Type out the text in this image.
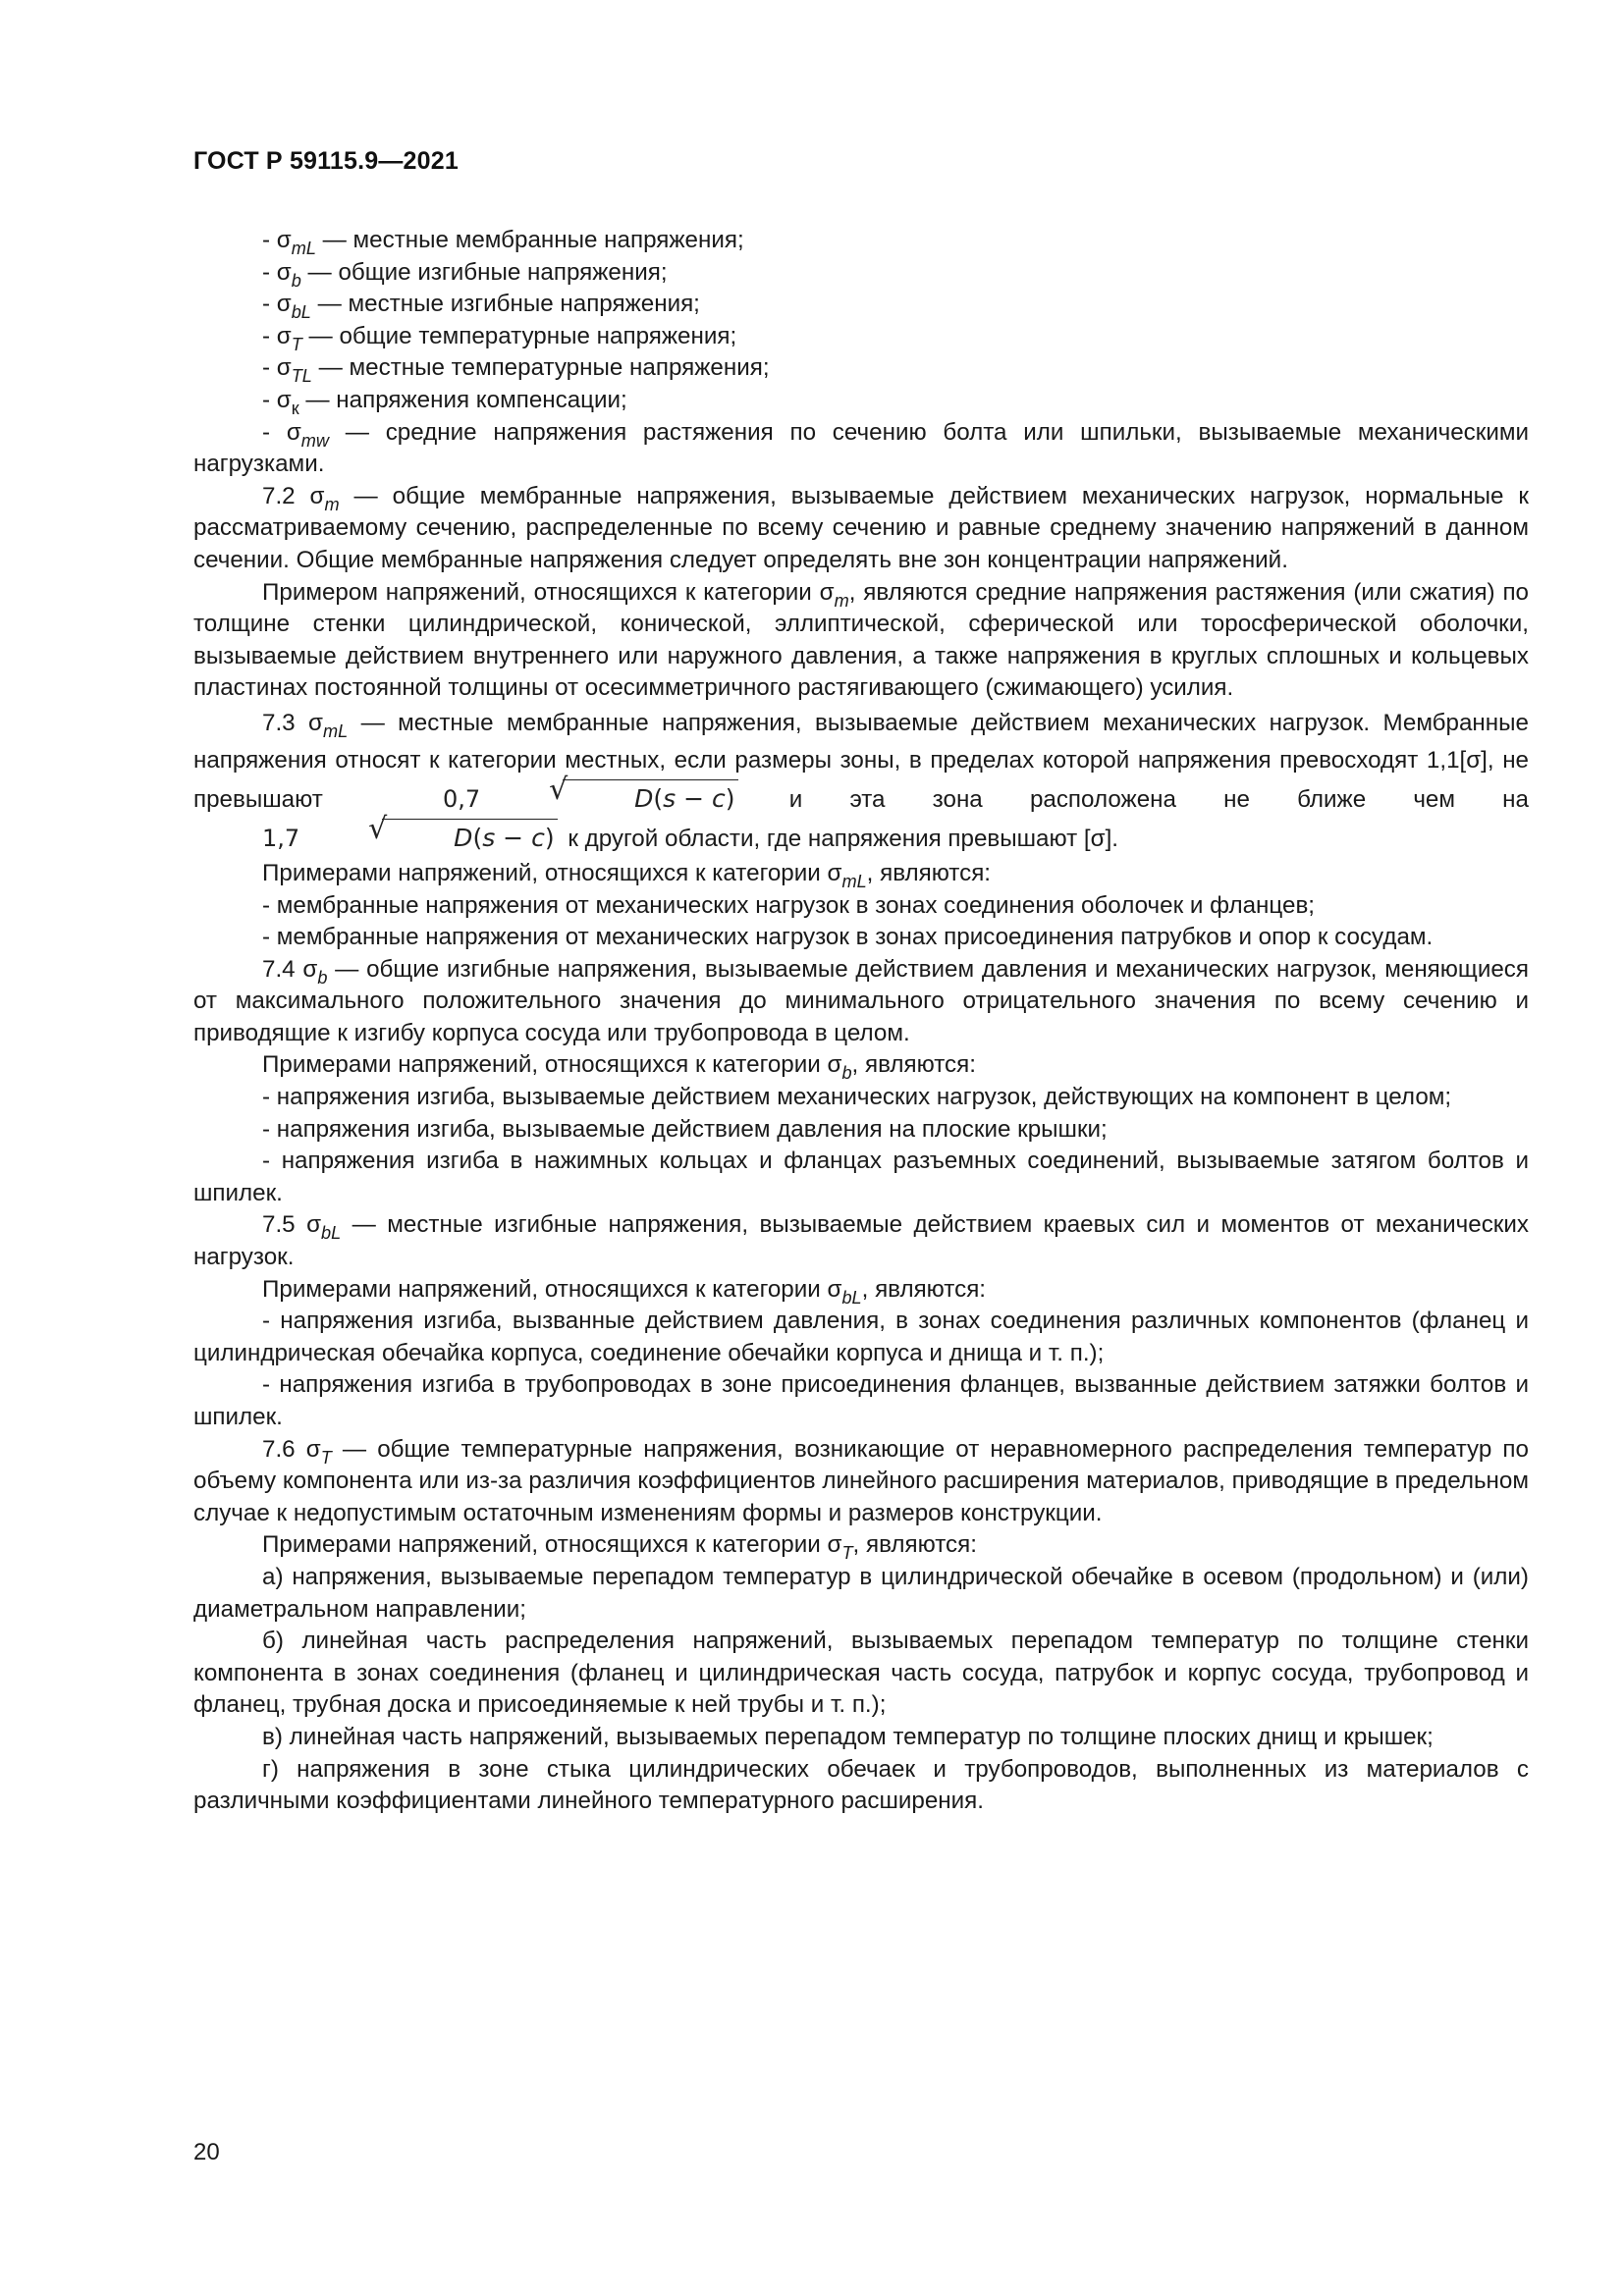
ГОСТ Р 59115.9—2021

- $\sigma_{mL}$ — местные мембранные напряжения;

- $\sigma_b$ — общие изгибные напряжения;

- $\sigma_{bL}$ — местные изгибные напряжения;

- $\sigma_T$ — общие температурные напряжения;

- $\sigma_{TL}$ — местные температурные напряжения;

- $\sigma_к$ — напряжения компенсации;

- $\sigma_{mw}$ — средние напряжения растяжения по сечению болта или шпильки, вызываемые механическими нагрузками.

7.2 $\sigma_m$ — общие мембранные напряжения, вызываемые действием механических нагрузок, нормальные к рассматриваемому сечению, распределенные по всему сечению и равные среднему значению напряжений в данном сечении. Общие мембранные напряжения следует определять вне зон концентрации напряжений.

Примером напряжений, относящихся к категории $\sigma_m$, являются средние напряжения растяжения (или сжатия) по толщине стенки цилиндрической, конической, эллиптической, сферической или торосферической оболочки, вызываемые действием внутреннего или наружного давления, а также напряжения в круглых сплошных и кольцевых пластинах постоянной толщины от осесимметричного растягивающего (сжимающего) усилия.

7.3 $\sigma_{mL}$ — местные мембранные напряжения, вызываемые действием механических нагрузок. Мембранные напряжения относят к категории местных, если размеры зоны, в пределах которой напряжения превосходят 1,1[σ], не превышают	0,7	√	D(s − c) и эта зона расположена не ближе чем на 1,7	√	D(s − c) к другой области, где напряжения превышают [σ].

Примерами напряжений, относящихся к категории $\sigma_{mL}$, являются:

- мембранные напряжения от механических нагрузок в зонах соединения оболочек и фланцев;

- мембранные напряжения от механических нагрузок в зонах присоединения патрубков и опор к сосудам.

7.4 $\sigma_b$ — общие изгибные напряжения, вызываемые действием давления и механических нагрузок, меняющиеся от максимального положительного значения до минимального отрицательного значения по всему сечению и приводящие к изгибу корпуса сосуда или трубопровода в целом.

Примерами напряжений, относящихся к категории $\sigma_b$, являются:

- напряжения изгиба, вызываемые действием механических нагрузок, действующих на компонент в целом;

- напряжения изгиба, вызываемые действием давления на плоские крышки;

- напряжения изгиба в нажимных кольцах и фланцах разъемных соединений, вызываемые затягом болтов и шпилек.

7.5 $\sigma_{bL}$ — местные изгибные напряжения, вызываемые действием краевых сил и моментов от механических нагрузок.

Примерами напряжений, относящихся к категории $\sigma_{bL}$, являются:

- напряжения изгиба, вызванные действием давления, в зонах соединения различных компонентов (фланец и цилиндрическая обечайка корпуса, соединение обечайки корпуса и днища и т. п.);

- напряжения изгиба в трубопроводах в зоне присоединения фланцев, вызванные действием затяжки болтов и шпилек.

7.6 $\sigma_T$ — общие температурные напряжения, возникающие от неравномерного распределения температур по объему компонента или из-за различия коэффициентов линейного расширения материалов, приводящие в предельном случае к недопустимым остаточным изменениям формы и размеров конструкции.

Примерами напряжений, относящихся к категории $\sigma_T$, являются:

а) напряжения, вызываемые перепадом температур в цилиндрической обечайке в осевом (продольном) и (или) диаметральном направлении;

б) линейная часть распределения напряжений, вызываемых перепадом температур по толщине стенки компонента в зонах соединения (фланец и цилиндрическая часть сосуда, патрубок и корпус сосуда, трубопровод и фланец, трубная доска и присоединяемые к ней трубы и т. п.);

в) линейная часть напряжений, вызываемых перепадом температур по толщине плоских днищ и крышек;

г) напряжения в зоне стыка цилиндрических обечаек и трубопроводов, выполненных из материалов с различными коэффициентами линейного температурного расширения.

20
